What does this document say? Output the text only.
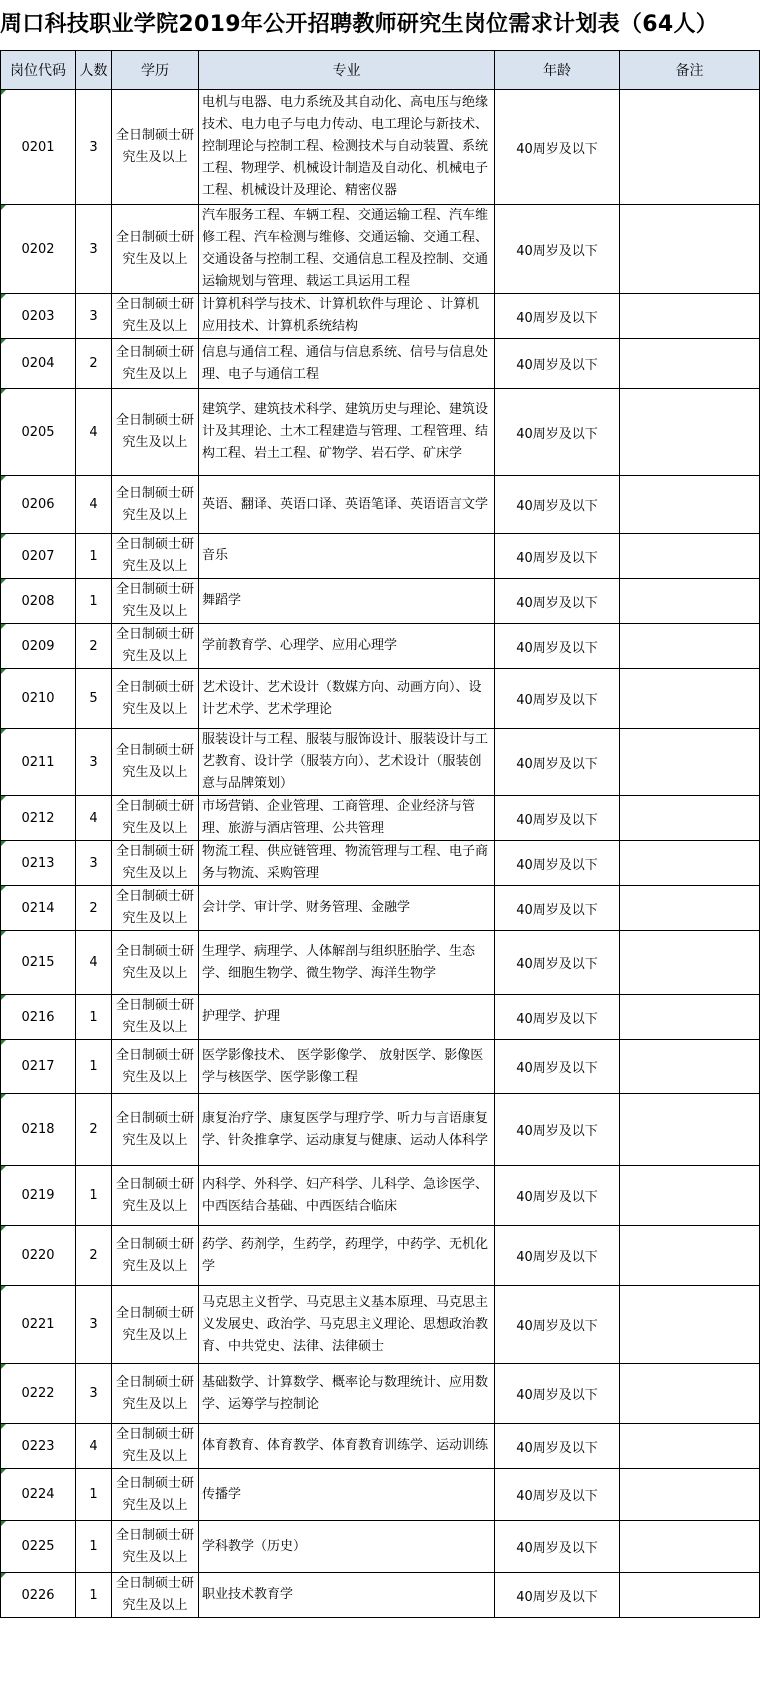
周口科技职业学院2019年公开招聘教师研究生岗位需求计划表（64人）
岗位代码	人数	学历	专业	年龄	备注
0201	3	全日制硕士研究生及以上	电机与电器、电力系统及其自动化、高电压与绝缘技术、电力电子与电力传动、电工理论与新技术、控制理论与控制工程、检测技术与自动装置、系统工程、物理学、机械设计制造及自动化、机械电子工程、机械设计及理论、精密仪器	40周岁及以下	
0202	3	全日制硕士研究生及以上	汽车服务工程、车辆工程、交通运输工程、汽车维修工程、汽车检测与维修、交通运输、交通工程、交通设备与控制工程、交通信息工程及控制、交通运输规划与管理、载运工具运用工程	40周岁及以下	
0203	3	全日制硕士研究生及以上	计算机科学与技术、计算机软件与理论 、计算机应用技术、计算机系统结构	40周岁及以下	
0204	2	全日制硕士研究生及以上	信息与通信工程、通信与信息系统、信号与信息处理、电子与通信工程	40周岁及以下	
0205	4	全日制硕士研究生及以上	建筑学、建筑技术科学、建筑历史与理论、建筑设计及其理论、土木工程建造与管理、工程管理、结构工程、岩土工程、矿物学、岩石学、矿床学	40周岁及以下	
0206	4	全日制硕士研究生及以上	英语、翻译、英语口译、英语笔译、英语语言文学	40周岁及以下	
0207	1	全日制硕士研究生及以上	音乐	40周岁及以下	
0208	1	全日制硕士研究生及以上	舞蹈学	40周岁及以下	
0209	2	全日制硕士研究生及以上	学前教育学、心理学、应用心理学	40周岁及以下	
0210	5	全日制硕士研究生及以上	艺术设计、艺术设计（数媒方向、动画方向）、设计艺术学、艺术学理论	40周岁及以下	
0211	3	全日制硕士研究生及以上	服装设计与工程、服装与服饰设计、服装设计与工艺教育、设计学（服装方向）、艺术设计（服装创意与品牌策划）	40周岁及以下	
0212	4	全日制硕士研究生及以上	市场营销、企业管理、工商管理、企业经济与管理、旅游与酒店管理、公共管理	40周岁及以下	
0213	3	全日制硕士研究生及以上	物流工程、供应链管理、物流管理与工程、电子商务与物流、采购管理	40周岁及以下	
0214	2	全日制硕士研究生及以上	会计学、审计学、财务管理、金融学	40周岁及以下	
0215	4	全日制硕士研究生及以上	生理学、病理学、人体解剖与组织胚胎学、生态学、细胞生物学、微生物学、海洋生物学	40周岁及以下	
0216	1	全日制硕士研究生及以上	护理学、护理	40周岁及以下	
0217	1	全日制硕士研究生及以上	医学影像技术、 医学影像学、 放射医学、影像医学与核医学、医学影像工程	40周岁及以下	
0218	2	全日制硕士研究生及以上	康复治疗学、康复医学与理疗学、听力与言语康复学、针灸推拿学、运动康复与健康、运动人体科学	40周岁及以下	
0219	1	全日制硕士研究生及以上	内科学、外科学、妇产科学、儿科学、急诊医学、中西医结合基础、中西医结合临床	40周岁及以下	
0220	2	全日制硕士研究生及以上	药学、药剂学，生药学，药理学，中药学、无机化学	40周岁及以下	
0221	3	全日制硕士研究生及以上	马克思主义哲学、马克思主义基本原理、马克思主义发展史、政治学、马克思主义理论、思想政治教育、中共党史、法律、法律硕士	40周岁及以下	
0222	3	全日制硕士研究生及以上	基础数学、计算数学、概率论与数理统计、应用数学、运筹学与控制论	40周岁及以下	
0223	4	全日制硕士研究生及以上	体育教育、体育教学、体育教育训练学、运动训练	40周岁及以下	
0224	1	全日制硕士研究生及以上	传播学	40周岁及以下	
0225	1	全日制硕士研究生及以上	学科教学（历史）	40周岁及以下	
0226	1	全日制硕士研究生及以上	职业技术教育学	40周岁及以下	
